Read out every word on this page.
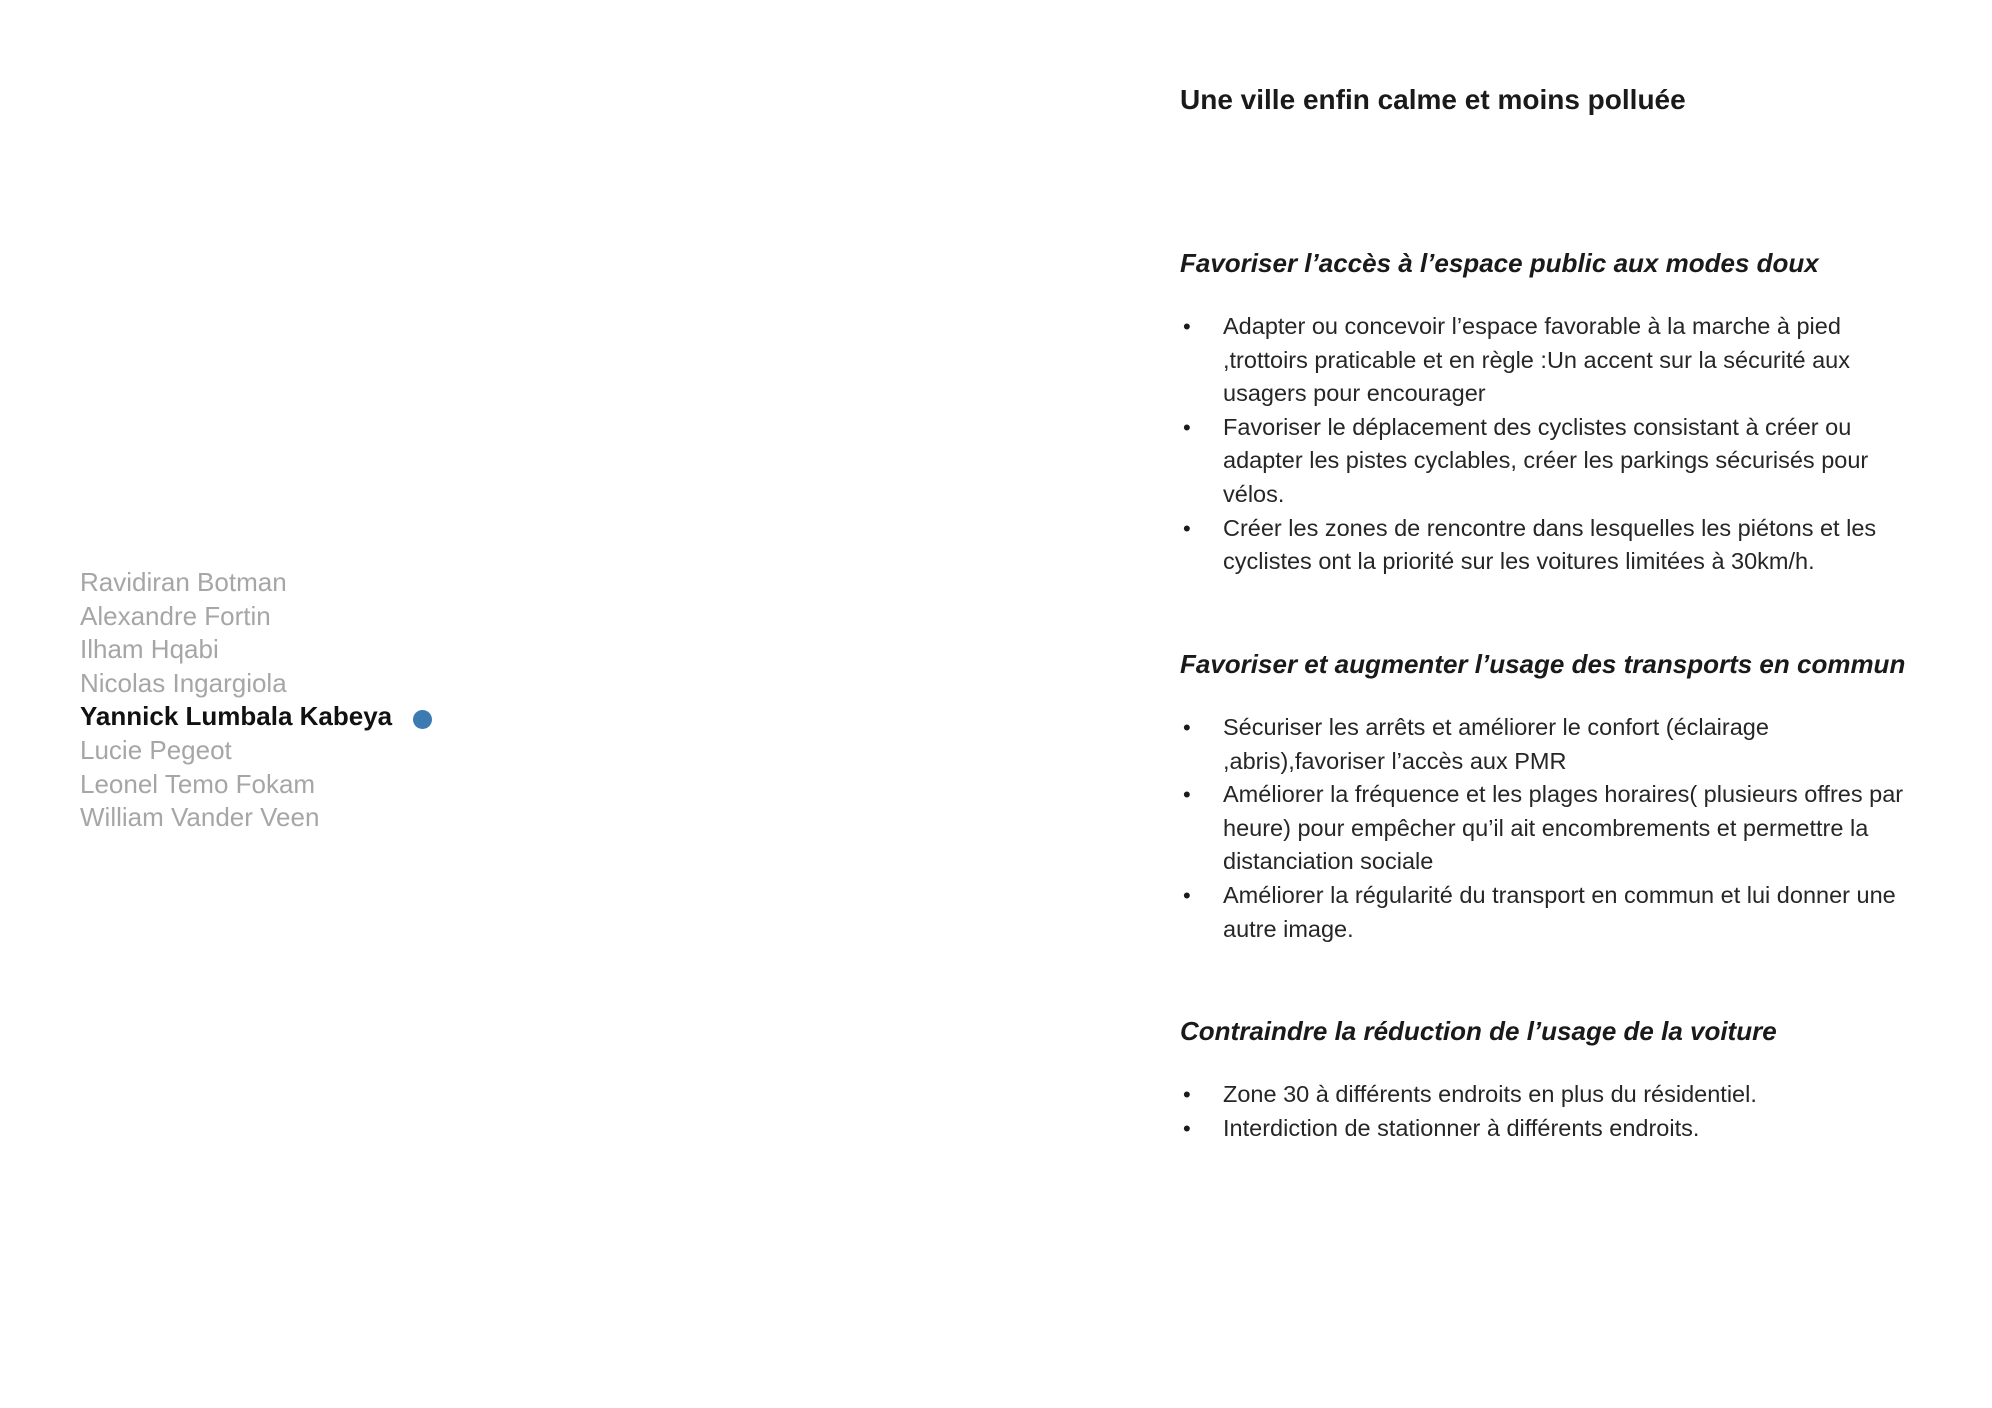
Ravidiran Botman
Alexandre Fortin
Ilham Hqabi
Nicolas Ingargiola
Yannick Lumbala Kabeya
Lucie Pegeot
Leonel Temo Fokam
William Vander Veen
Une ville enfin calme et moins polluée
Favoriser l’accès à l’espace public aux modes doux
• Adapter ou concevoir l’espace favorable à la marche à pied ,trottoirs praticable et en règle :Un accent sur la sécurité aux usagers pour encourager
• Favoriser le déplacement des cyclistes consistant à créer ou adapter les pistes cyclables, créer les parkings sécurisés pour vélos.
• Créer les zones de rencontre dans lesquelles les piétons et les cyclistes ont la priorité sur les voitures limitées à 30km/h.
Favoriser et augmenter l’usage des transports en commun
• Sécuriser les arrêts et améliorer le confort (éclairage ,abris),favoriser l’accès aux PMR
• Améliorer la fréquence et les plages horaires( plusieurs offres par heure) pour empêcher qu’il ait encombrements et permettre la distanciation sociale
• Améliorer la régularité du transport en commun et lui donner une autre image.
Contraindre la réduction de l’usage de la voiture
• Zone 30 à différents endroits en plus du résidentiel.
• Interdiction de stationner à différents endroits.
